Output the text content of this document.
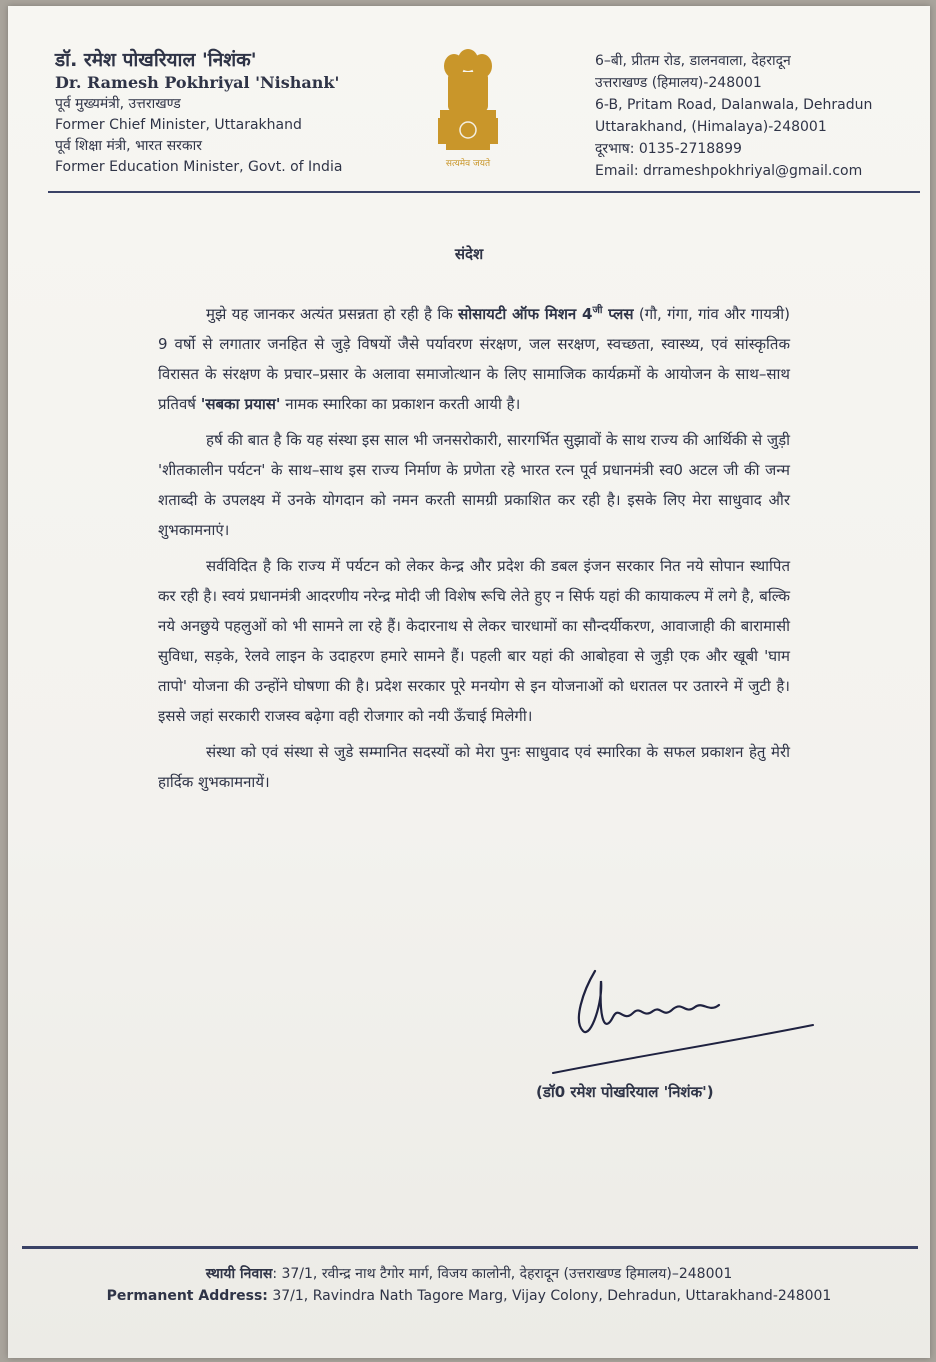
डॉ. रमेश पोखरियाल 'निशंक'
Dr. Ramesh Pokhriyal 'Nishank'
पूर्व मुख्यमंत्री, उत्तराखण्ड
Former Chief Minister, Uttarakhand
पूर्व शिक्षा मंत्री, भारत सरकार
Former Education Minister, Govt. of India	सत्यमेव जयते
6–बी, प्रीतम रोड, डालनवाला, देहरादून
उत्तराखण्ड (हिमालय)-248001
6-B, Pritam Road, Dalanwala, Dehradun
Uttarakhand, (Himalaya)-248001
दूरभाष: 0135-2718899
Email: drrameshpokhriyal@gmail.com
संदेश

मुझे यह जानकर अत्यंत प्रसन्नता हो रही है कि सोसायटी ऑफ मिशन $4^{जी}$ प्लस (गौ, गंगा, गांव और गायत्री) 9 वर्षो से लगातार जनहित से जुड़े विषयों जैसे पर्यावरण संरक्षण, जल सरक्षण, स्वच्छता, स्वास्थ्य, एवं सांस्कृतिक विरासत के संरक्षण के प्रचार–प्रसार के अलावा समाजोत्थान के लिए सामाजिक कार्यक्रमों के आयोजन के साथ–साथ प्रतिवर्ष 'सबका प्रयास' नामक स्मारिका का प्रकाशन करती आयी है।

हर्ष की बात है कि यह संस्था इस साल भी जनसरोकारी, सारगर्भित सुझावों के साथ राज्य की आर्थिकी से जुड़ी 'शीतकालीन पर्यटन' के साथ–साथ इस राज्य निर्माण के प्रणेता रहे भारत रत्न पूर्व प्रधानमंत्री स्व0 अटल जी की जन्म शताब्दी के उपलक्ष्य में उनके योगदान को नमन करती सामग्री प्रकाशित कर रही है। इसके लिए मेरा साधुवाद और शुभकामनाएं।

सर्वविदित है कि राज्य में पर्यटन को लेकर केन्द्र और प्रदेश की डबल इंजन सरकार नित नये सोपान स्थापित कर रही है। स्वयं प्रधानमंत्री आदरणीय नरेन्द्र मोदी जी विशेष रूचि लेते हुए न सिर्फ यहां की कायाकल्प में लगे है, बल्कि नये अनछुये पहलुओं को भी सामने ला रहे हैं। केदारनाथ से लेकर चारधामों का सौन्दर्यीकरण, आवाजाही की बारामासी सुविधा, सड़के, रेलवे लाइन के उदाहरण हमारे सामने हैं। पहली बार यहां की आबोहवा से जुड़ी एक और खूबी 'घाम तापो' योजना की उन्होंने घोषणा की है। प्रदेश सरकार पूरे मनयोग से इन योजनाओं को धरातल पर उतारने में जुटी है। इससे जहां सरकारी राजस्व बढ़ेगा वही रोजगार को नयी ऊँचाई मिलेगी।

संस्था को एवं संस्था से जुडे सम्मानित सदस्यों को मेरा पुनः साधुवाद एवं स्मारिका के सफल प्रकाशन हेतु मेरी हार्दिक शुभकामनायें।

(डॉ0 रमेश पोखरियाल 'निशंक')
स्थायी निवास: 37/1, रवीन्द्र नाथ टैगोर मार्ग, विजय कालोनी, देहरादून (उत्तराखण्ड हिमालय)–248001
Permanent Address: 37/1, Ravindra Nath Tagore Marg, Vijay Colony, Dehradun, Uttarakhand-248001
